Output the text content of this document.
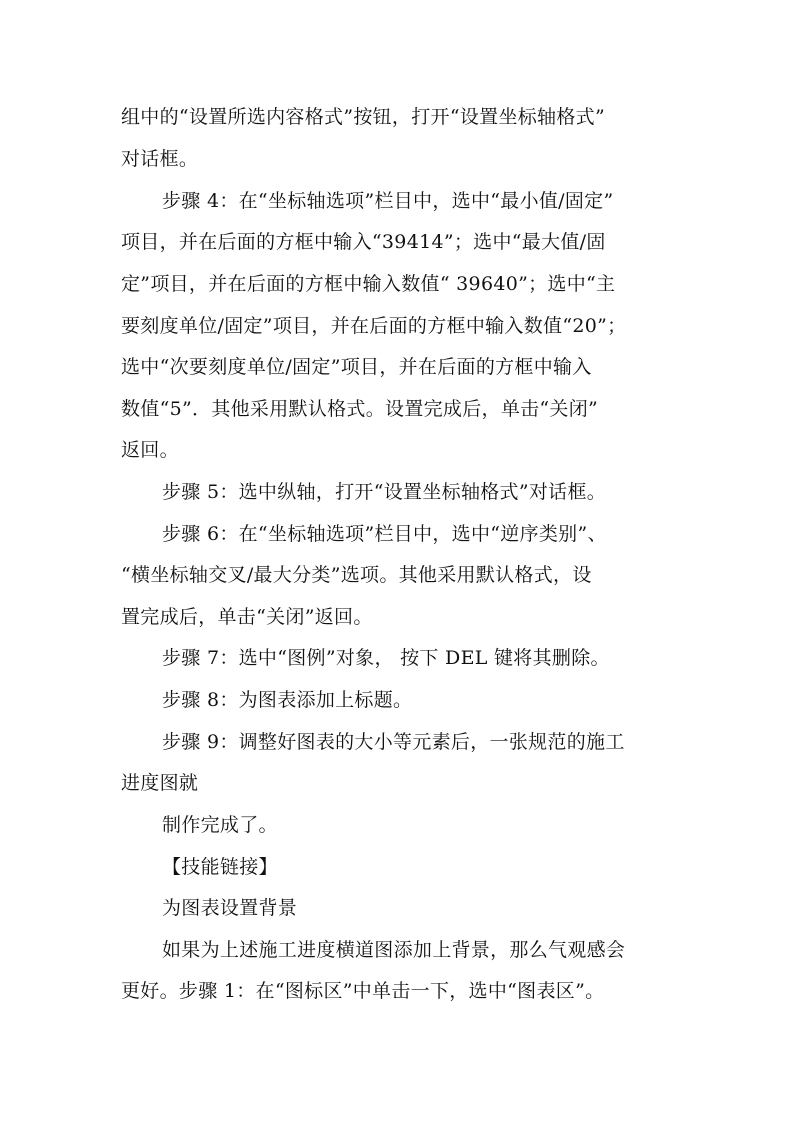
组中的“设置所选内容格式”按钮，打开“设置坐标轴格式”
对话框。
步骤 4：在“坐标轴选项”栏目中，选中“最小值/固定”
项目，并在后面的方框中输入“39414”；选中“最大值/固
定”项目，并在后面的方框中输入数值“ 39640”；选中“主
要刻度单位/固定”项目，并在后面的方框中输入数值“20”；
选中“次要刻度单位/固定”项目，并在后面的方框中输入
数值“5”．其他采用默认格式。设置完成后，单击“关闭”
返回。
步骤 5：选中纵轴，打开“设置坐标轴格式”对话框。
步骤 6：在“坐标轴选项”栏目中，选中“逆序类别”、
“横坐标轴交叉/最大分类”选项。其他采用默认格式，设
置完成后，单击“关闭”返回。
步骤 7：选中“图例”对象， 按下 DEL 键将其删除。
步骤 8：为图表添加上标题。
步骤 9：调整好图表的大小等元素后，一张规范的施工
进度图就
制作完成了。
【技能链接】
为图表设置背景
如果为上述施工进度横道图添加上背景，那么气观感会
更好。步骤 1：在“图标区”中单击一下，选中“图表区”。
